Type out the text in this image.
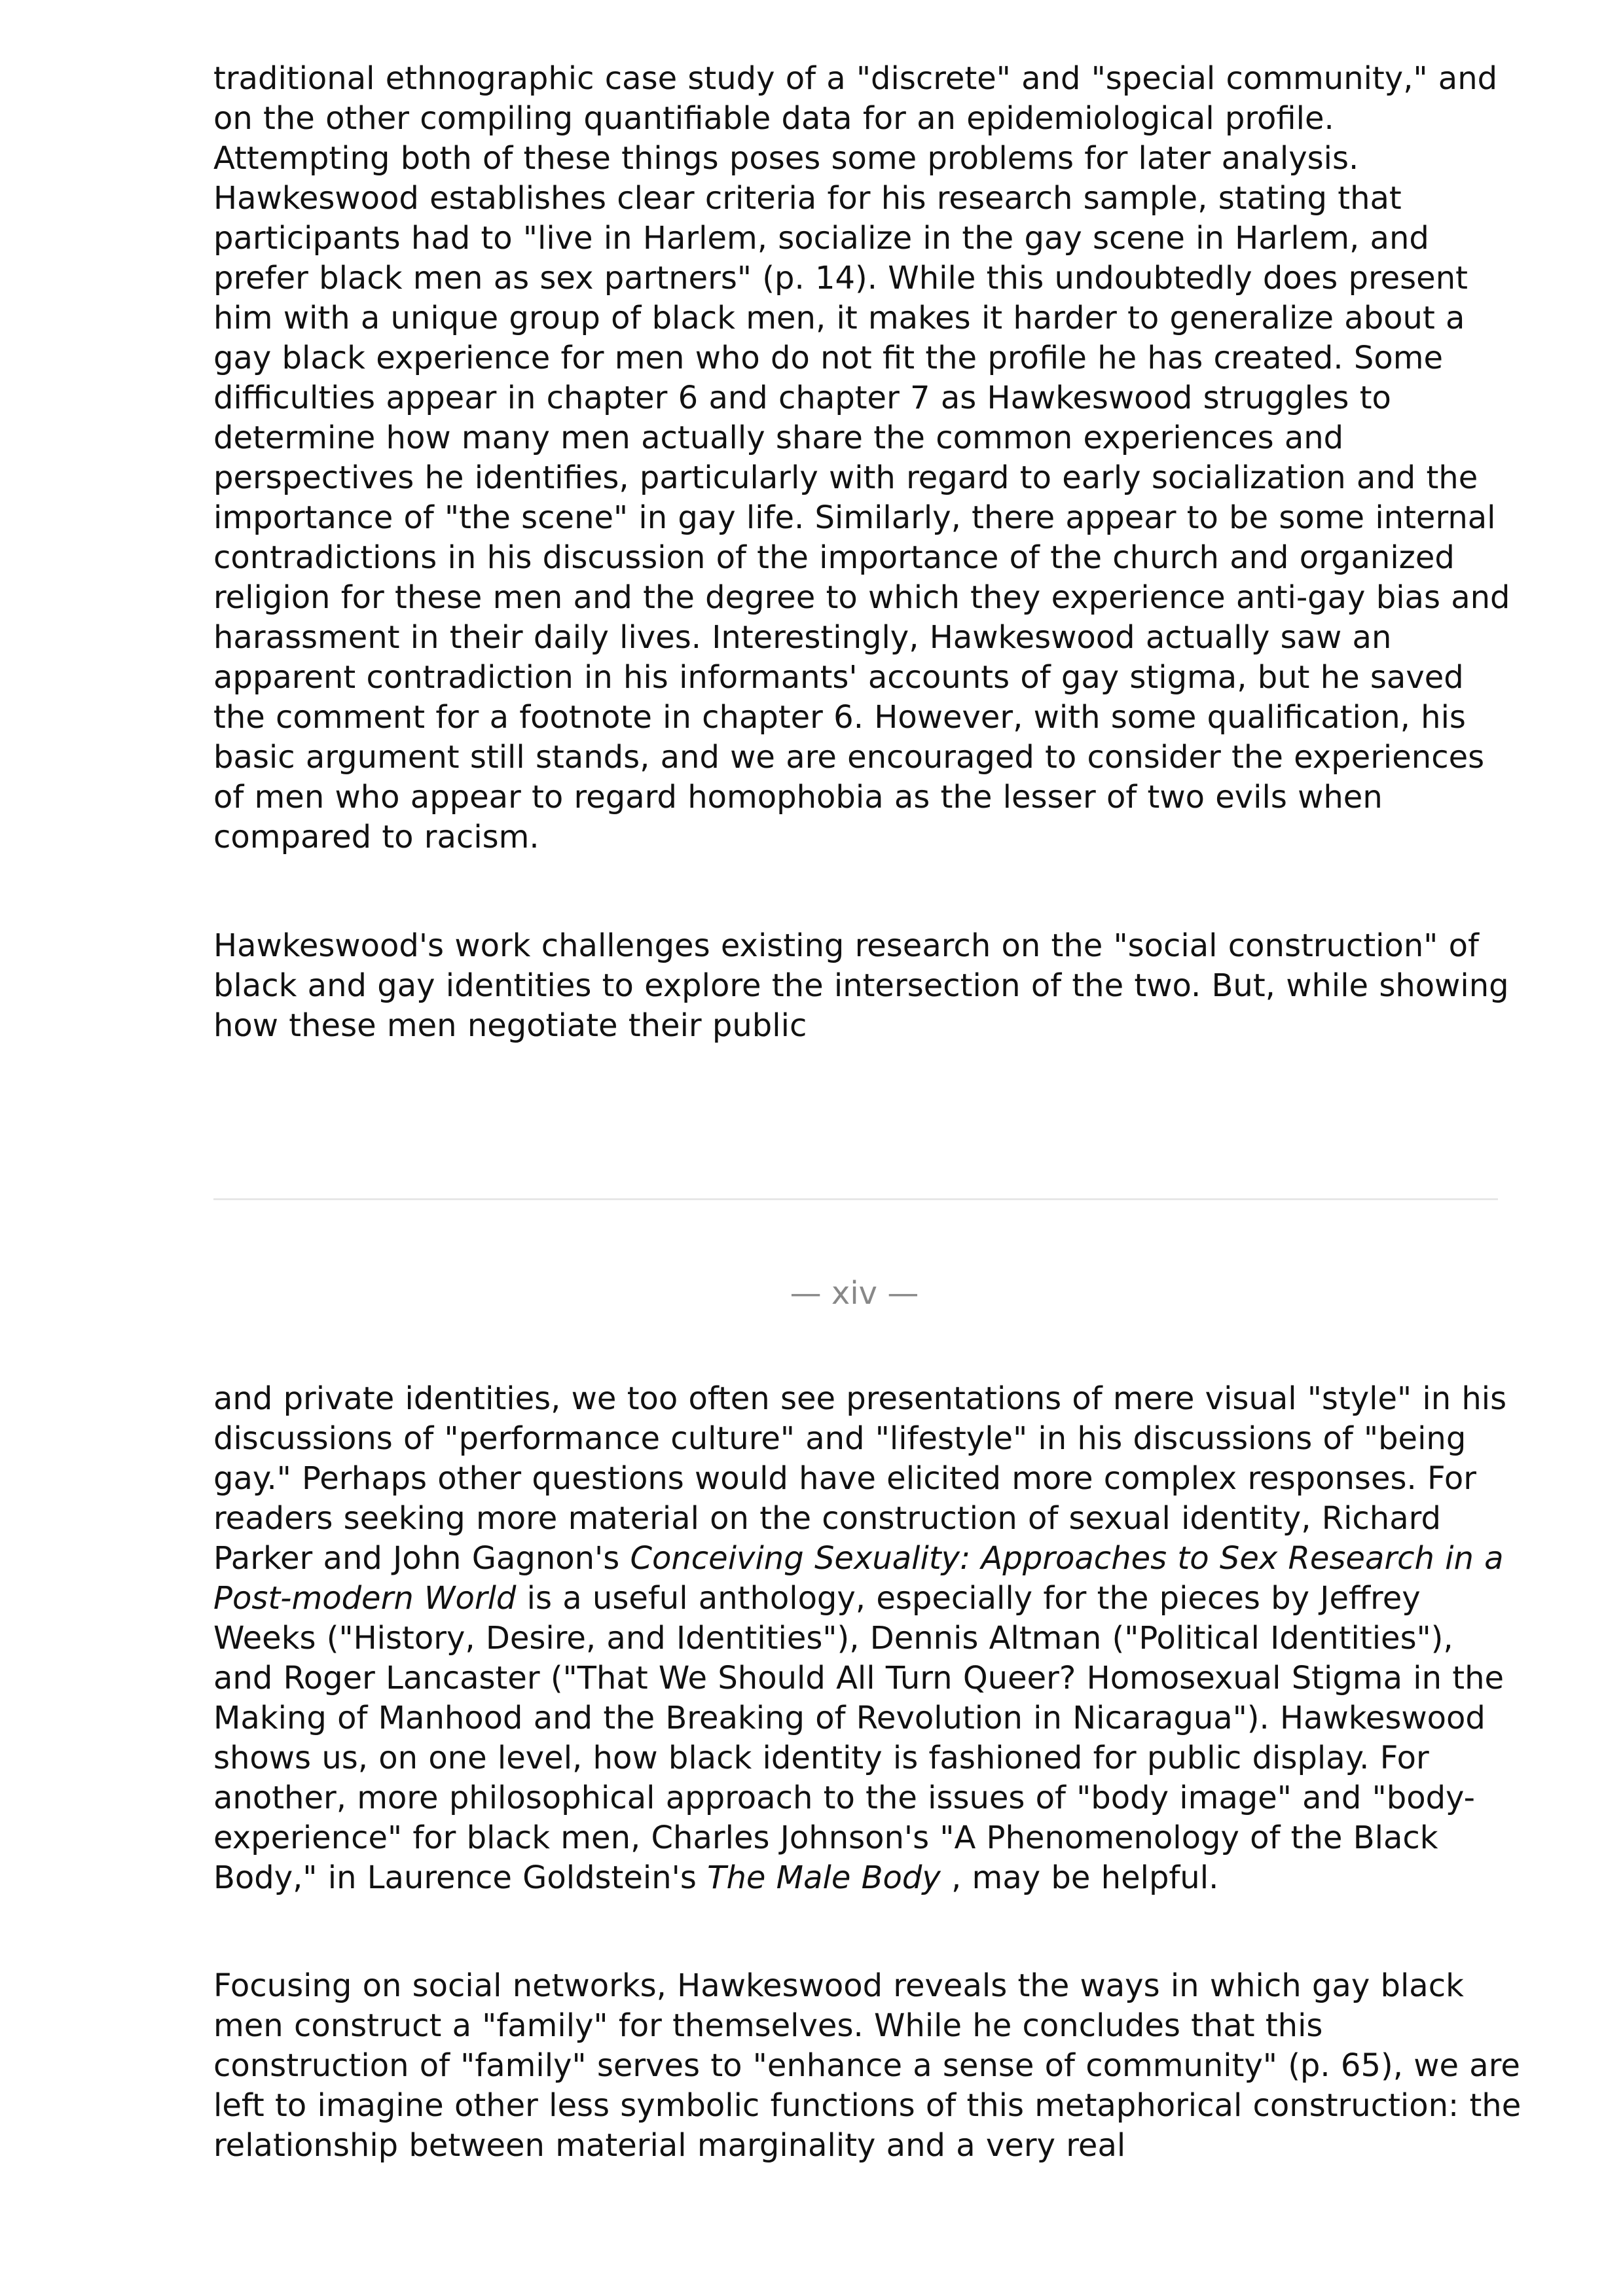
traditional ethnographic case study of a "discrete" and "special community," and on the other compiling quantifiable data for an epidemiological profile. Attempting both of these things poses some problems for later analysis. Hawkeswood establishes clear criteria for his research sample, stating that participants had to "live in Harlem, socialize in the gay scene in Harlem, and prefer black men as sex partners" (p. 14). While this undoubtedly does present him with a unique group of black men, it makes it harder to generalize about a gay black experience for men who do not fit the profile he has created. Some difficulties appear in chapter 6 and chapter 7 as Hawkeswood struggles to determine how many men actually share the common experiences and perspectives he identifies, particularly with regard to early socialization and the importance of "the scene" in gay life. Similarly, there appear to be some internal contradictions in his discussion of the importance of the church and organized religion for these men and the degree to which they experience anti-gay bias and harassment in their daily lives. Interestingly, Hawkeswood actually saw an apparent contradiction in his informants' accounts of gay stigma, but he saved the comment for a footnote in chapter 6. However, with some qualification, his basic argument still stands, and we are encouraged to consider the experiences of men who appear to regard homophobia as the lesser of two evils when compared to racism.

Hawkeswood's work challenges existing research on the "social construction" of black and gay identities to explore the intersection of the two. But, while showing how these men negotiate their public

— xiv —

and private identities, we too often see presentations of mere visual "style" in his discussions of "performance culture" and "lifestyle" in his discussions of "being gay." Perhaps other questions would have elicited more complex responses. For readers seeking more material on the construction of sexual identity, Richard Parker and John Gagnon's Conceiving Sexuality: Approaches to Sex Research in a Post-modern World is a useful anthology, especially for the pieces by Jeffrey Weeks ("History, Desire, and Identities"), Dennis Altman ("Political Identities"), and Roger Lancaster ("That We Should All Turn Queer? Homosexual Stigma in the Making of Manhood and the Breaking of Revolution in Nicaragua"). Hawkeswood shows us, on one level, how black identity is fashioned for public display. For another, more philosophical approach to the issues of "body image" and "body-experience" for black men, Charles Johnson's "A Phenomenology of the Black Body," in Laurence Goldstein's The Male Body , may be helpful.

Focusing on social networks, Hawkeswood reveals the ways in which gay black men construct a "family" for themselves. While he concludes that this construction of "family" serves to "enhance a sense of community" (p. 65), we are left to imagine other less symbolic functions of this metaphorical construction: the relationship between material marginality and a very real
